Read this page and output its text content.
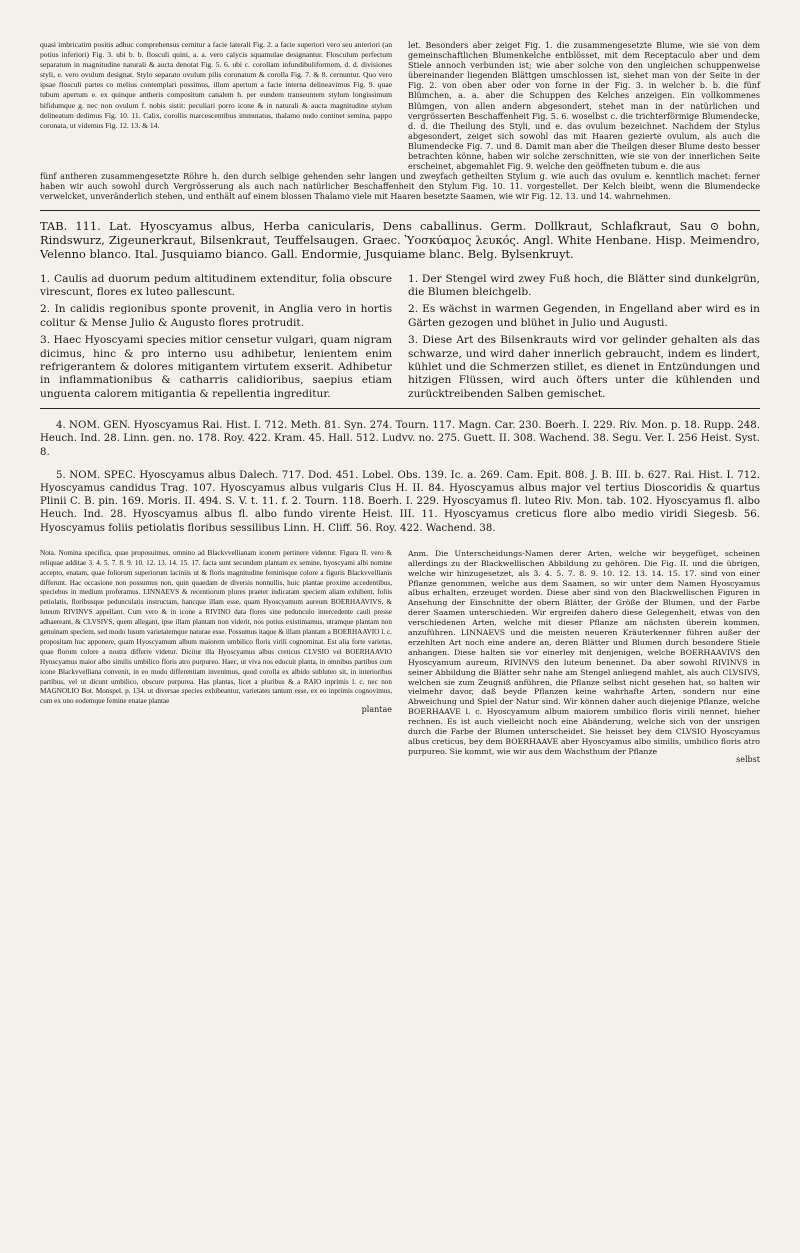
quasi imbricatim positis adhuc comprehensus cernitur a facie laterali Fig. 2. a facie superiori vero seu anteriori (an potius inferiori) Fig. 3. ubi b. b. flosculi quini, a. a. vero calycis squamulae designantur. Flosculum perfectum separatum in magnitudine naturali & aucta denotat Fig. 5. 6. ubi c. corollam infundibuliformem, d. d. divisiones styli, e. vero ovulum designat. Stylo separato ovulum pilis coronatum & corolla Fig. 7. & 8. cernuntur. Quo vero ipsae flosculi partes co melius contemplari possimus, illum apertum a facie interna delineavimus Fig. 9. quae tubum apertum e. ex quinque antheris compositum canalem h. per eundem transeuntem stylum longissimum bifidumque g. nec non ovulum f. nobis sistit: peculiari porro icone & in naturali & aucta magnitudine stylum delineatum dedimus Fig. 10. 11. Calix, corollis marcescentibus immutatus, thalamo nudo continet semina, pappo coronata, ut videmus Fig. 12. 13. & 14.
let. Besonders aber zeiget Fig. 1. die zusammengesetzte Blume, wie sie von dem gemeinschaftlichen Blumenkelche entblösset, mit dem Receptaculo aber und dem Stiele annoch verbunden ist; wie aber solche von den ungleichen schuppenweise übereinander liegenden Blättgen umschlossen ist, siehet man von der Seite in der Fig. 2. von oben aber oder von forne in der Fig. 3. in welcher b. b. die fünf Blümchen, a. a. aber die Schuppen des Kelches anzeigen. Ein vollkommenes Blümgen, von allen andern abgesondert, stehet man in der natürlichen und vergrösserten Beschaffenheit Fig. 5. 6. woselbst c. die trichterförmige Blumendecke, d. d. die Theilung des Styli, und e. das ovulum bezeichnet. Nachdem der Stylus abgesondert, zeiget sich sowohl das mit Haaren gezierte ovulum, als auch die Blumendecke Fig. 7. und 8. Damit man aber die Theilgen dieser Blume desto besser betrachten könne, haben wir solche zerschnitten, wie sie von der innerlichen Seite erscheinet, abgemahlet Fig. 9. welche den geöffneten tubum e. die aus
fünf antheren zusammengesetzte Röhre h. den durch selbige gehenden sehr langen und zweyfach getheilten Stylum g. wie auch das ovulum e. kenntlich machet: ferner haben wir auch sowohl durch Vergrösserung als auch nach natürlicher Beschaffenheit den Stylum Fig. 10. 11. vorgestellet. Der Kelch bleibt, wenn die Blumendecke verwelcket, unveränderlich stehen, und enthält auf einem blossen Thalamo viele mit Haaren besetzte Saamen, wie wir Fig. 12. 13. und 14. wahrnehmen.
TAB. 111. Lat. Hyoscyamus albus, Herba canicularis, Dens caballinus. Germ. Dollkraut, Schlafkraut, Sau ⊙ bohn, Rindswurz, Zigeunerkraut, Bilsenkraut, Teuffelsaugen. Graec. Ὑοσκύαμος λευκός. Angl. White Henbane. Hisp. Meimendro, Velenno blanco. Ital. Jusquiamo bianco. Gall. Endormie, Jusquiame blanc. Belg. Bylsenkruyt.

1. Caulis ad duorum pedum altitudinem extenditur, folia obscure virescunt, flores ex luteo pallescunt.

2. In calidis regionibus sponte provenit, in Anglia vero in hortis colitur & Mense Julio & Augusto flores protrudit.

3. Haec Hyoscyami species mitior censetur vulgari, quam nigram dicimus, hinc & pro interno usu adhibetur, lenientem enim refrigerantem & dolores mitigantem virtutem exserit. Adhibetur in inflammationibus & catharris calidioribus, saepius etiam unguenta calorem mitigantia & repellentia ingreditur.

1. Der Stengel wird zwey Fuß hoch, die Blätter sind dunkelgrün, die Blumen bleichgelb.

2. Es wächst in warmen Gegenden, in Engelland aber wird es in Gärten gezogen und blühet in Julio und Augusti.

3. Diese Art des Bilsenkrauts wird vor gelinder gehalten als das schwarze, und wird daher innerlich gebraucht, indem es lindert, kühlet und die Schmerzen stillet, es dienet in Entzündungen und hitzigen Flüssen, wird auch öfters unter die kühlenden und zurücktreibenden Salben gemischet.

4. NOM. GEN. Hyoscyamus Rai. Hist. I. 712. Meth. 81. Syn. 274. Tourn. 117. Magn. Car. 230. Boerh. I. 229. Riv. Mon. p. 18. Rupp. 248. Heuch. Ind. 28. Linn. gen. no. 178. Roy. 422. Kram. 45. Hall. 512. Ludvv. no. 275. Guett. II. 308. Wachend. 38. Segu. Ver. I. 256 Heist. Syst. 8.

5. NOM. SPEC. Hyoscyamus albus Dalech. 717. Dod. 451. Lobel. Obs. 139. Ic. a. 269. Cam. Epit. 808. J. B. III. b. 627. Rai. Hist. I. 712. Hyoscyamus candidus Trag. 107. Hyoscyamus albus vulgaris Clus H. II. 84. Hyoscyamus albus major vel tertius Dioscoridis & quartus Plinii C. B. pin. 169. Moris. II. 494. S. V. t. 11. f. 2. Tourn. 118. Boerh. I. 229. Hyoscyamus fl. luteo Riv. Mon. tab. 102. Hyoscyamus fl. albo Heuch. Ind. 28. Hyoscyamus albus fl. albo fundo virente Heist. III. 11. Hyoscyamus creticus flore albo medio viridi Siegesb. 56. Hyoscyamus foliis petiolatis floribus sessilibus Linn. H. Cliff. 56. Roy. 422. Wachend. 38.

Nota. Nomina specifica, quae proposuimus, omnino ad Blackvvellianam iconem pertinere videntur. Figura II. vero & reliquae additae 3. 4. 5. 7. 8. 9. 10. 12. 13. 14. 15. 17. facta sunt secundum plantam ex semine, hyoscyami albi nomine accepto, enatam, quae foliorum superiorum laciniis ut & floris magnitudine feminisque colore a figuris Blackvvellianis differunt. Hac occasione non possumus non, quin quaedam de diversis nonnullis, huic plantae proxime accedentibus, speciebus in medium proferamus. LINNAEVS & recentiorum plures praeter indicatam speciem aliam exhibent, foliis petiolatis, floribusque pedunculatis instructam, hancque illam esse, quam Hyoscyamum aureum BOERHAAVIVS, & luteum RIVINVS appellant. Cum vero & in icone a RIVINO data flores sine pedunculo intercedente cauli presse adhaereant, & CLVSIVS, quem allegant, ipse illam plantam non viderit, nos potius existimamus, utramque plantam non genuinam speciem, sed modo lusum varietatemque naturae esse. Possumus itaque & illam plantam a BOERHAAVIO l. c. propositam huc apponere, quam Hyoscyamum album maiorem umbilico floris virili cognominat. Est alia forte varietas, quae florum colore a nostra differre videtur. Dicitur illa Hyoscyamus albus creticus CLVSIO vel BOERHAAVIO Hyoscyamus maior albo similis umbilico floris atro purpureo. Haec, ut viva nos edocuit planta, in omnibus partibus cum icone Blackvvelliana convenit, in eo modo differentiam invenimus, quod corolla ex albido subluteo sit, in interioribus partibus, vel ut dicunt umbilico, obscure purpurea. Has plantas, licet a pluribus & a RAIO inprimis l. c. nec non MAGNOLIO Bot. Monspel. p. 134. ut diversae species exhibeantur, varietates tantum esse, ex eo inprimis cognovimus, cum ex uno eodemque femine enatae plantae
plantae
Anm. Die Unterscheidungs-Namen derer Arten, welche wir beygefüget, scheinen allerdings zu der Blackwellischen Abbildung zu gehören. Die Fig. II. und die übrigen, welche wir hinzugesetzet, als 3. 4. 5. 7. 8. 9. 10. 12. 13. 14. 15. 17. sind von einer Pflanze genommen, welche aus dem Saamen, so wir unter dem Namen Hyoscyamus albus erhalten, erzeuget worden. Diese aber sind von den Blackwellischen Figuren in Ansehung der Einschnitte der obern Blätter, der Größe der Blumen, und der Farbe derer Saamen unterschieden. Wir ergreifen dahero diese Gelegenheit, etwas von den verschiedenen Arten, welche mit dieser Pflanze am nächsten überein kommen, anzuführen. LINNAEVS und die meisten neueren Kräuterkenner führen außer der erzehlten Art noch eine andere an, deren Blätter und Blumen durch besondere Stiele anhangen. Diese halten sie vor einerley mit denjenigen, welche BOERHAAVIVS den Hyoscyamum aureum, RIVINVS den luteum benennet. Da aber sowohl RIVINVS in seiner Abbildung die Blätter sehr nahe am Stengel anliegend mahlet, als auch CLVSIVS, welchen sie zum Zeugniß anführen, die Pflanze selbst nicht gesehen hat, so halten wir vielmehr davor, daß beyde Pflanzen keine wahrhafte Arten, sondern nur eine Abweichung und Spiel der Natur sind. Wir können daher auch diejenige Pflanze, welche BOERHAAVE l. c. Hyoscyamum album maiorem umbilico floris virili nennet, hieher rechnen. Es ist auch vielleicht noch eine Abänderung, welche sich von der unsrigen durch die Farbe der Blumen unterscheidet. Sie heisset bey dem CLVSIO Hyoscyamus albus creticus, bey dem BOERHAAVE aber Hyoscyamus albo similis, umbilico floris atro purpureo. Sie kommt, wie wir aus dem Wachsthum der Pflanze
selbst
